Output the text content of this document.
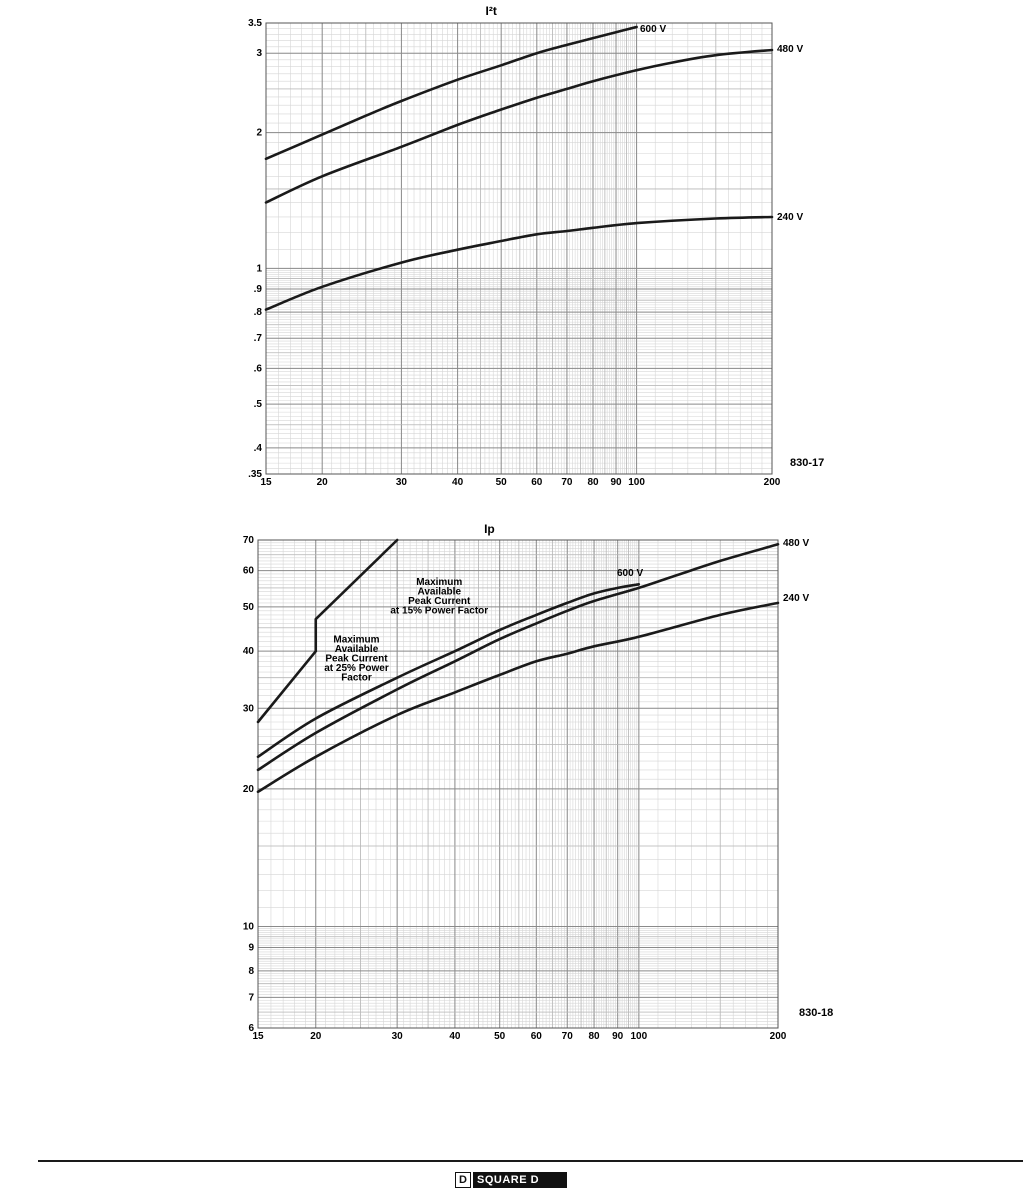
15	20	30	40	50 60 70 80 90 100	200
.35
.4
.5
.6
.7
.8
.9
1
2
3
3.5
I²t
830-17
600 V
480 V
240 V
15	20	30	40	50	60 70 80 90 100	200
6
7
8
9
10
20
30
40
50
60
70
Ip
830-18
600 V
480 V
240 V
Maximum Available Peak Current at 15% Power Factor
Maximum Available Peak Current at 25% Power Factor
D SQUARE D
